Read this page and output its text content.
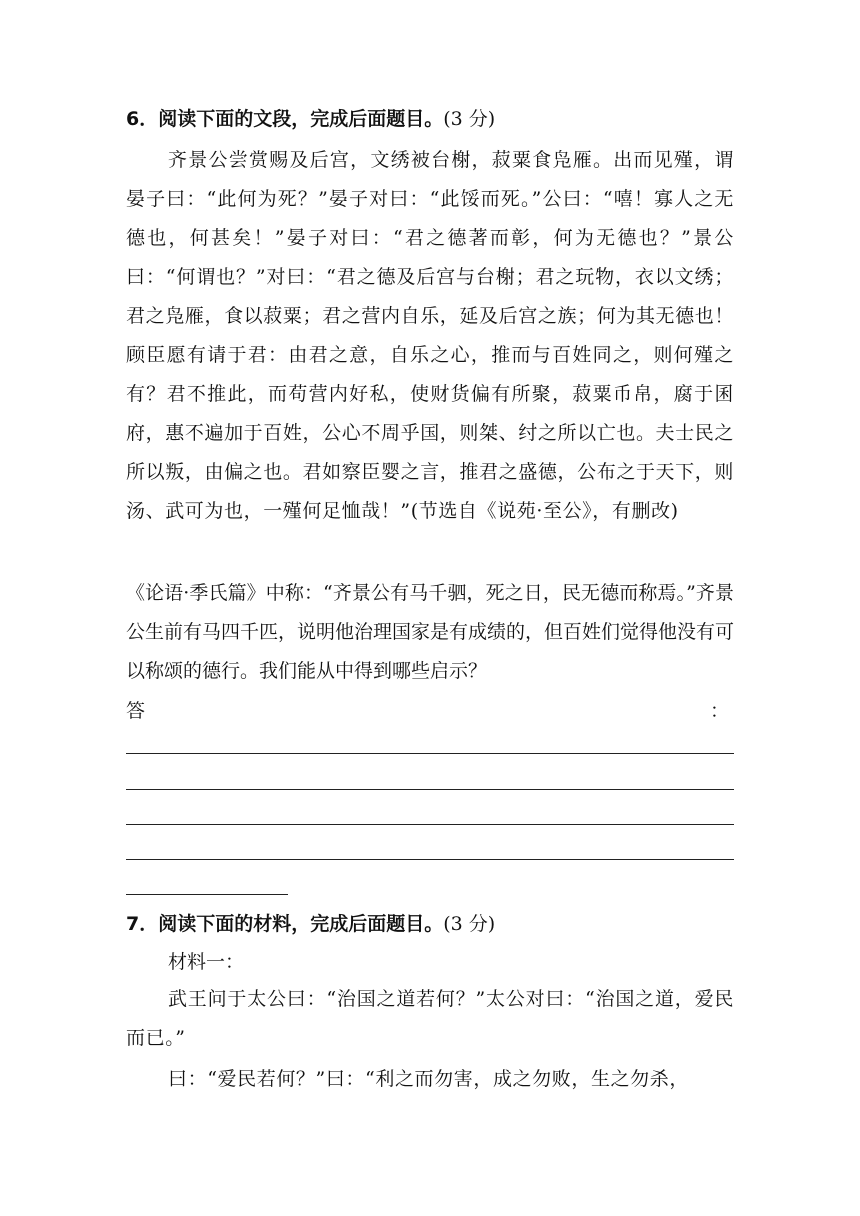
6．阅读下面的文段，完成后面题目。(3 分)
齐景公尝赏赐及后宫，文绣被台榭，菽粟食凫雁。出而见殣，谓晏子曰：“此何为死？”晏子对曰：“此馁而死。”公曰：“嘻！寡人之无德也，何甚矣！”晏子对曰：“君之德著而彰，何为无德也？”景公曰：“何谓也？”对曰：“君之德及后宫与台榭；君之玩物，衣以文绣；君之凫雁，食以菽粟；君之营内自乐，延及后宫之族；何为其无德也！顾臣愿有请于君：由君之意，自乐之心，推而与百姓同之，则何殣之有？君不推此，而苟营内好私，使财货偏有所聚，菽粟币帛，腐于囷府，惠不遍加于百姓，公心不周乎国，则桀、纣之所以亡也。夫士民之所以叛，由偏之也。君如察臣婴之言，推君之盛德，公布之于天下，则汤、武可为也，一殣何足恤哉！”(节选自《说苑·至公》，有删改)
《论语·季氏篇》中称：“齐景公有马千驷，死之日，民无德而称焉。”齐景公生前有马四千匹，说明他治理国家是有成绩的，但百姓们觉得他没有可以称颂的德行。我们能从中得到哪些启示？
答	：
7．阅读下面的材料，完成后面题目。(3 分)
材料一：
武王问于太公曰：“治国之道若何？”太公对曰：“治国之道，爱民而已。”
曰：“爱民若何？”曰：“利之而勿害，成之勿败，生之勿杀，
